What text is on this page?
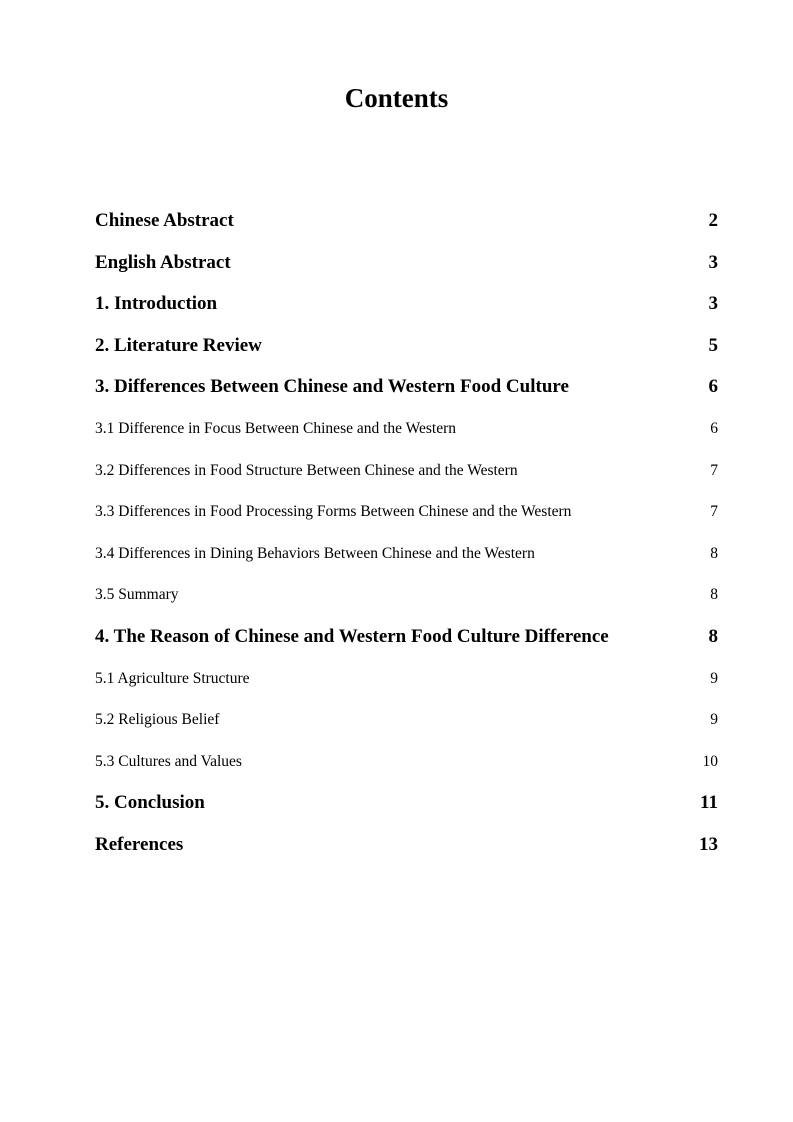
Contents
Chinese Abstract	2
English Abstract	3
1. Introduction	3
2. Literature Review	5
3. Differences Between Chinese and Western Food Culture	6
3.1 Difference in Focus Between Chinese and the Western	6
3.2 Differences in Food Structure Between Chinese and the Western	7
3.3 Differences in Food Processing Forms Between Chinese and the Western	7
3.4 Differences in Dining Behaviors Between Chinese and the Western	8
3.5 Summary	8
4. The Reason of Chinese and Western Food Culture Difference	8
5.1 Agriculture Structure	9
5.2 Religious Belief	9
5.3 Cultures and Values	10
5. Conclusion	11
References	13
